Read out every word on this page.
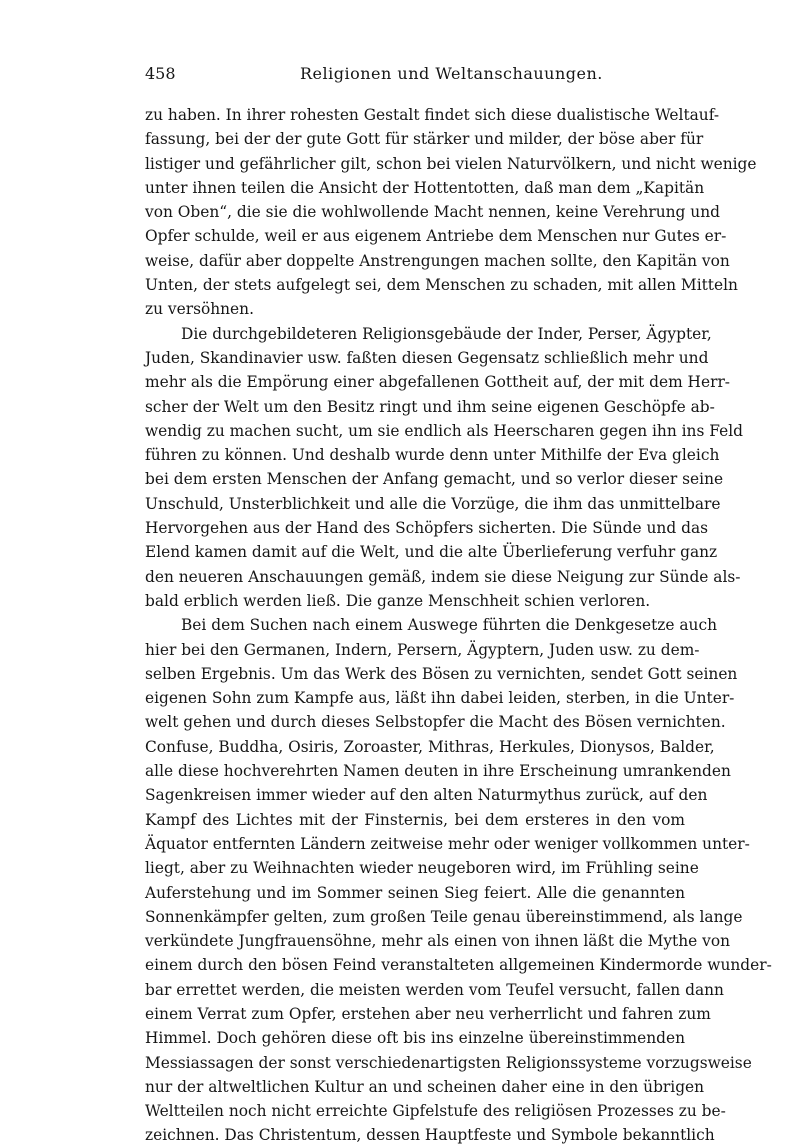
458	Religionen und Weltanschauungen.
zu haben. In ihrer rohesten Gestalt findet sich diese dualistische Weltauf-
fassung, bei der der gute Gott für stärker und milder, der böse aber für
listiger und gefährlicher gilt, schon bei vielen Naturvölkern, und nicht wenige
unter ihnen teilen die Ansicht der Hottentotten, daß man dem „Kapitän
von Oben“, die sie die wohlwollende Macht nennen, keine Verehrung und
Opfer schulde, weil er aus eigenem Antriebe dem Menschen nur Gutes er-
weise, dafür aber doppelte Anstrengungen machen sollte, den Kapitän von
Unten, der stets aufgelegt sei, dem Menschen zu schaden, mit allen Mitteln
zu versöhnen.
Die durchgebildeteren Religionsgebäude der Inder, Perser, Ägypter,
Juden, Skandinavier usw. faßten diesen Gegensatz schließlich mehr und
mehr als die Empörung einer abgefallenen Gottheit auf, der mit dem Herr-
scher der Welt um den Besitz ringt und ihm seine eigenen Geschöpfe ab-
wendig zu machen sucht, um sie endlich als Heerscharen gegen ihn ins Feld
führen zu können. Und deshalb wurde denn unter Mithilfe der Eva gleich
bei dem ersten Menschen der Anfang gemacht, und so verlor dieser seine
Unschuld, Unsterblichkeit und alle die Vorzüge, die ihm das unmittelbare
Hervorgehen aus der Hand des Schöpfers sicherten. Die Sünde und das
Elend kamen damit auf die Welt, und die alte Überlieferung verfuhr ganz
den neueren Anschauungen gemäß, indem sie diese Neigung zur Sünde als-
bald erblich werden ließ. Die ganze Menschheit schien verloren.
Bei dem Suchen nach einem Auswege führten die Denkgesetze auch
hier bei den Germanen, Indern, Persern, Ägyptern, Juden usw. zu dem-
selben Ergebnis. Um das Werk des Bösen zu vernichten, sendet Gott seinen
eigenen Sohn zum Kampfe aus, läßt ihn dabei leiden, sterben, in die Unter-
welt gehen und durch dieses Selbstopfer die Macht des Bösen vernichten.
Confuse, Buddha, Osiris, Zoroaster, Mithras, Herkules, Dionysos, Balder,
alle diese hochverehrten Namen deuten in ihre Erscheinung umrankenden
Sagenkreisen immer wieder auf den alten Naturmythus zurück, auf den
Kampf des Lichtes mit der Finsternis, bei dem ersteres in den vom
Äquator entfernten Ländern zeitweise mehr oder weniger vollkommen unter-
liegt, aber zu Weihnachten wieder neugeboren wird, im Frühling seine
Auferstehung und im Sommer seinen Sieg feiert. Alle die genannten
Sonnenkämpfer gelten, zum großen Teile genau übereinstimmend, als lange
verkündete Jungfrauensöhne, mehr als einen von ihnen läßt die Mythe von
einem durch den bösen Feind veranstalteten allgemeinen Kindermorde wunder-
bar errettet werden, die meisten werden vom Teufel versucht, fallen dann
einem Verrat zum Opfer, erstehen aber neu verherrlicht und fahren zum
Himmel. Doch gehören diese oft bis ins einzelne übereinstimmenden
Messiassagen der sonst verschiedenartigsten Religionssysteme vorzugsweise
nur der altweltlichen Kultur an und scheinen daher eine in den übrigen
Weltteilen noch nicht erreichte Gipfelstufe des religiösen Prozesses zu be-
zeichnen. Das Christentum, dessen Hauptfeste und Symbole bekanntlich
